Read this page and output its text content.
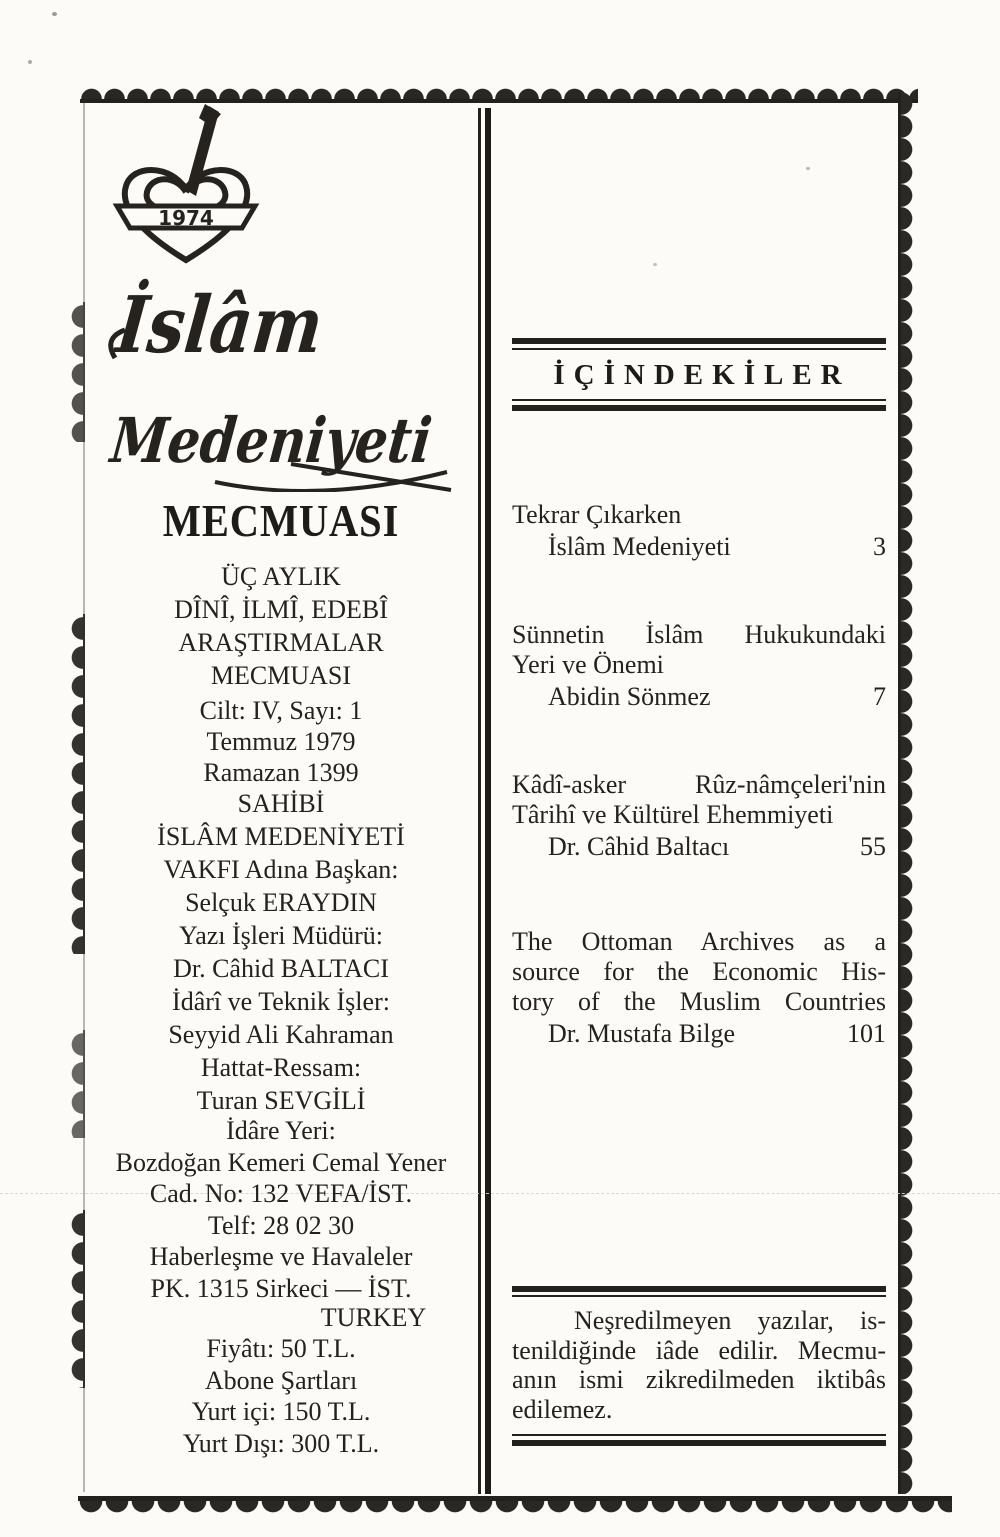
1974
İslâm
Medeniyeti
MECMUASI
ÜÇ AYLIK
DÎNÎ, İLMÎ, EDEBÎ
ARAŞTIRMALAR
MECMUASI
Cilt: IV, Sayı: 1
Temmuz 1979
Ramazan 1399
SAHİBİ
İSLÂM MEDENİYETİ
VAKFI Adına Başkan:
Selçuk ERAYDIN
Yazı İşleri Müdürü:
Dr. Câhid BALTACI
İdârî ve Teknik İşler:
Seyyid Ali Kahraman
Hattat-Ressam:
Turan SEVGİLİ
İdâre Yeri:
Bozdoğan Kemeri Cemal Yener
Cad. No: 132 VEFA/İST.
Telf: 28 02 30
Haberleşme ve Havaleler
PK. 1315 Sirkeci — İST.
TURKEY
Fiyâtı: 50 T.L.
Abone Şartları
Yurt içi: 150 T.L.
Yurt Dışı: 300 T.L.
İÇİNDEKİLER
Tekrar Çıkarken
İslâm Medeniyeti	3
Sünnetin İslâm Hukukundaki
Yeri ve Önemi
Abidin Sönmez	7
Kâdî-asker Rûz-nâmçeleri'nin
Târihî ve Kültürel Ehemmiyeti
Dr. Câhid Baltacı	55
The Ottoman Archives as a
source for the Economic His-
tory of the Muslim Countries
Dr. Mustafa Bilge	101
Neşredilmeyen yazılar, is-
tenildiğinde iâde edilir. Mecmu-
anın ismi zikredilmeden iktibâs
edilemez.
